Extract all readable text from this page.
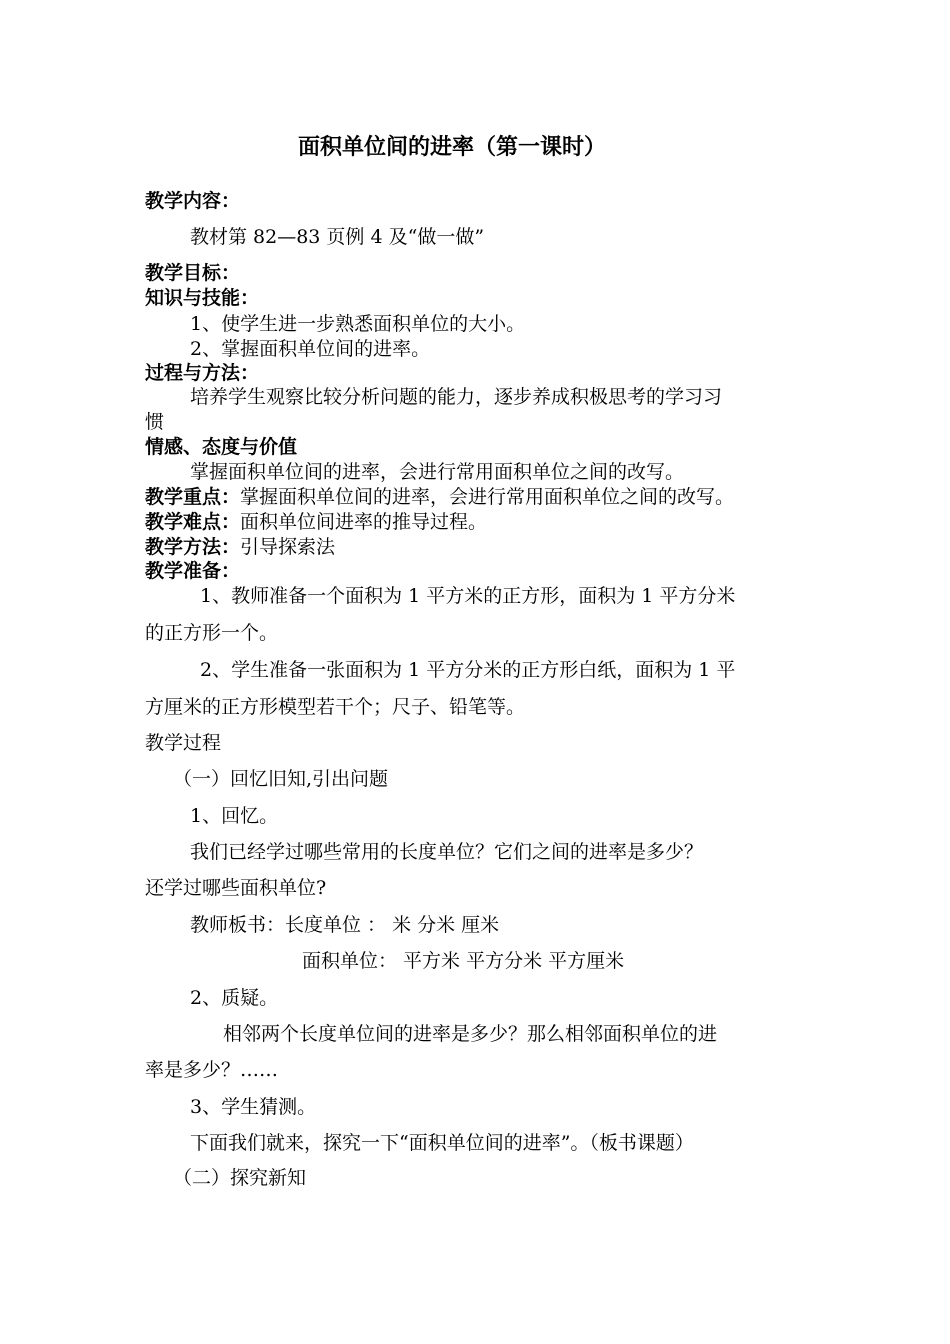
面积单位间的进率（第一课时）
教学内容：
教材第 82—83 页例 4 及“做一做”
教学目标：
知识与技能：
1、使学生进一步熟悉面积单位的大小。
2、掌握面积单位间的进率。
过程与方法：
培养学生观察比较分析问题的能力，逐步养成积极思考的学习习
惯
情感、态度与价值
掌握面积单位间的进率，会进行常用面积单位之间的改写。
教学重点：掌握面积单位间的进率，会进行常用面积单位之间的改写。
教学难点：面积单位间进率的推导过程。
教学方法：引导探索法
教学准备：
1、教师准备一个面积为 1 平方米的正方形，面积为 1 平方分米
的正方形一个。
2、学生准备一张面积为 1 平方分米的正方形白纸，面积为 1 平
方厘米的正方形模型若干个；尺子、铅笔等。
教学过程
（一）回忆旧知,引出问题
1、回忆。
我们已经学过哪些常用的长度单位？它们之间的进率是多少？
还学过哪些面积单位?
教师板书：长度单位 ： 米 分米 厘米
面积单位： 平方米 平方分米 平方厘米
2、质疑。
相邻两个长度单位间的进率是多少？那么相邻面积单位的进
率是多少？……
3、学生猜测。
下面我们就来，探究一下“面积单位间的进率”。（板书课题）
（二）探究新知
